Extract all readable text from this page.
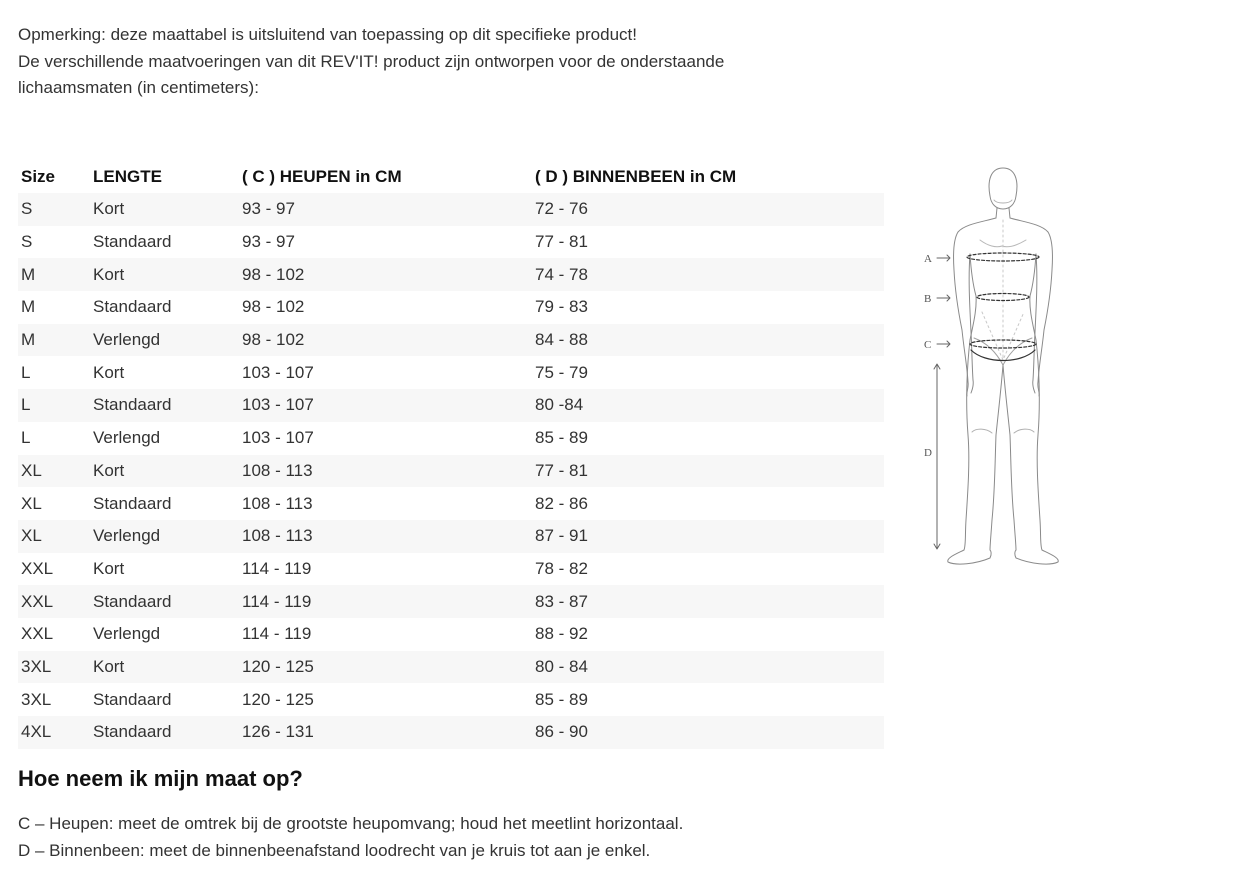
Opmerking: deze maattabel is uitsluitend van toepassing op dit specifieke product!

De verschillende maatvoeringen van dit REV'IT! product zijn ontworpen voor de onderstaande

lichaamsmaten (in centimeters):

Size	LENGTE	( C ) HEUPEN in CM	( D ) BINNENBEEN in CM
S	Kort	93 - 97	72 - 76
S	Standaard	93 - 97	77 - 81
M	Kort	98 - 102	74 - 78
M	Standaard	98 - 102	79 - 83
M	Verlengd	98 - 102	84 - 88
L	Kort	103 - 107	75 - 79
L	Standaard	103 - 107	80 -84
L	Verlengd	103 - 107	85 - 89
XL	Kort	108 - 113	77 - 81
XL	Standaard	108 - 113	82 - 86
XL	Verlengd	108 - 113	87 - 91
XXL	Kort	114 - 119	78 - 82
XXL	Standaard	114 - 119	83 - 87
XXL	Verlengd	114 - 119	88 - 92
3XL	Kort	120 - 125	80 - 84
3XL	Standaard	120 - 125	85 - 89
4XL	Standaard	126 - 131	86 - 90
Hoe neem ik mijn maat op?

C – Heupen: meet de omtrek bij de grootste heupomvang; houd het meetlint horizontaal.

D – Binnenbeen: meet de binnenbeenafstand loodrecht van je kruis tot aan je enkel.

A
B
C
D
